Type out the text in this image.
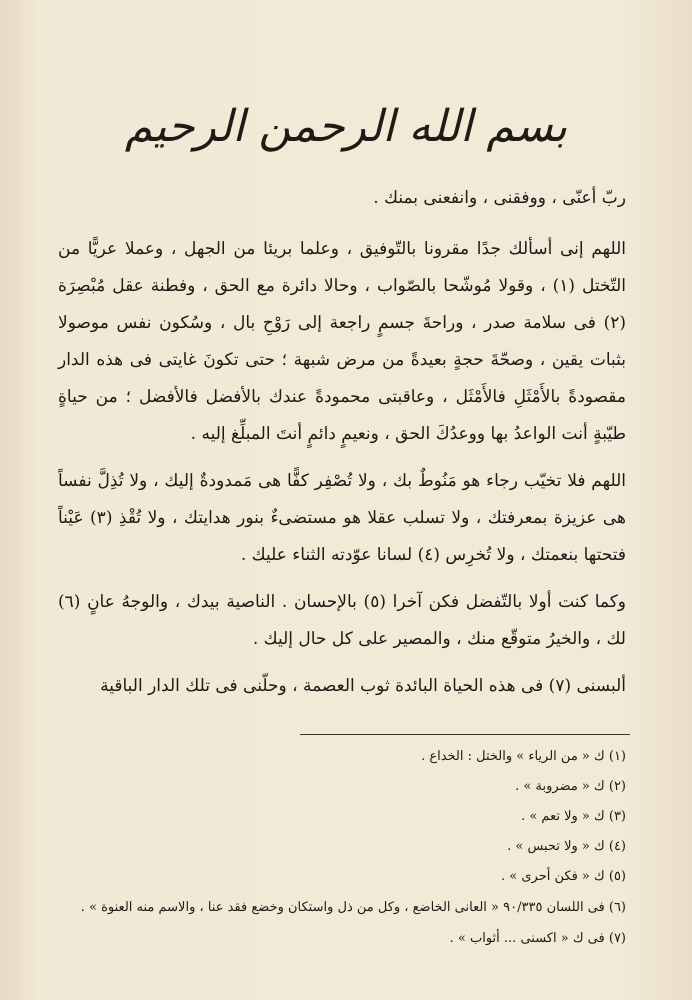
بسم الله الرحمن الرحيم

ربّ أعنّى ، ووفقنى ، وانفعنى بمنك .

اللهم إنى أسألك جدًا مقرونا بالتّوفيق ، وعلما بريئا من الجهل ، وعملا عريًّا من التّختل (١) ، وقولا مُوشّحا بالصّواب ، وحالا دائرة مع الحق ، وفطنة عقل مُبْصِرَة (٢) فى سلامة صدر ، وراحةَ جسمٍ راجعة إلى رَوْحِ بال ، وسُكون نفس موصولا بثبات يقين ، وصحّةَ حجةٍ بعيدةً من مرض شبهة ؛ حتى تكونَ غايتى فى هذه الدار مقصودةً بالأَمْثَلِ فالأَمْثَل ، وعاقبتى محمودةً عندك بالأفضل فالأفضل ؛ من حياةٍ طيّبةٍ أنت الواعدُ بها ووعدُكَ الحق ، ونعيمٍ دائمٍ أنتَ المبلِّغ إليه .

اللهم فلا تخيّب رجاء هو مَنُوطٌ بك ، ولا تُصْفِر كفًّا هى مَمدودةٌ إليك ، ولا تُذِلَّ نفساً هى عزيزة بمعرفتك ، ولا تسلب عقلا هو مستضىءٌ بنور هدايتك ، ولا تُقْذِ (٣) عَيْناً فتحتها بنعمتك ، ولا تُخرِس (٤) لسانا عوّدته الثناء عليك .

وكما كنت أولا بالتّفضل فكن آخرا (٥) بالإحسان . الناصية بيدك ، والوجهُ عانٍ (٦) لك ، والخيرُ متوقّع منك ، والمصير على كل حال إليك .

ألبسنى (٧) فى هذه الحياة البائدة ثوب العصمة ، وحلّنى فى تلك الدار الباقية

(١) ك « من الرياء » والختل : الخداع .

(٢) ك « مضروبة » .

(٣) ك « ولا تعم » .

(٤) ك « ولا تحبس » .

(٥) ك « فكن أحرى » .

(٦) فى اللسان ٩٠/٣٣٥ « العانى الخاضع ، وكل من ذل واستكان وخضع فقد عنا ، والاسم منه العنوة » .

(٧) فى ك « اكسنى ... أثواب » .
